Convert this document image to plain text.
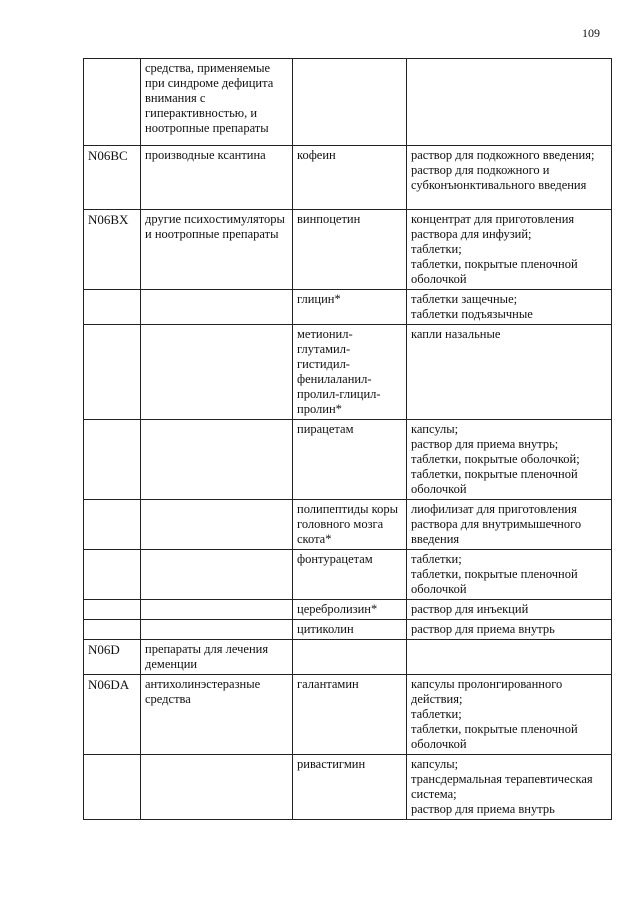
109
	средства, применяемые при синдроме дефицита внимания с гиперактивностью, и ноотропные препараты		
N06BC	производные ксантина	кофеин	раствор для подкожного введения;
раствор для подкожного и субконъюнктивального введения

N06BX	другие психостимуляторы и ноотропные препараты	винпоцетин	концентрат для приготовления раствора для инфузий;
таблетки;
таблетки, покрытые пленочной оболочкой

		глицин*	таблетки защечные;
таблетки подъязычные

		метионил-глутамил-гистидил-фенилаланил-пролил-глицил-пролин*	капли назальные

		пирацетам	капсулы;
раствор для приема внутрь;
таблетки, покрытые оболочкой;
таблетки, покрытые пленочной оболочкой

		полипептиды коры головного мозга скота*	лиофилизат для приготовления раствора для внутримышечного введения

		фонтурацетам	таблетки;
таблетки, покрытые пленочной оболочкой

		церебролизин*	раствор для инъекций

		цитиколин	раствор для приема внутрь

N06D	препараты для лечения деменции		
N06DA	антихолинэстеразные средства	галантамин	капсулы пролонгированного действия;
таблетки;
таблетки, покрытые пленочной оболочкой

		ривастигмин	капсулы;
трансдермальная терапевтическая система;
раствор для приема внутрь
